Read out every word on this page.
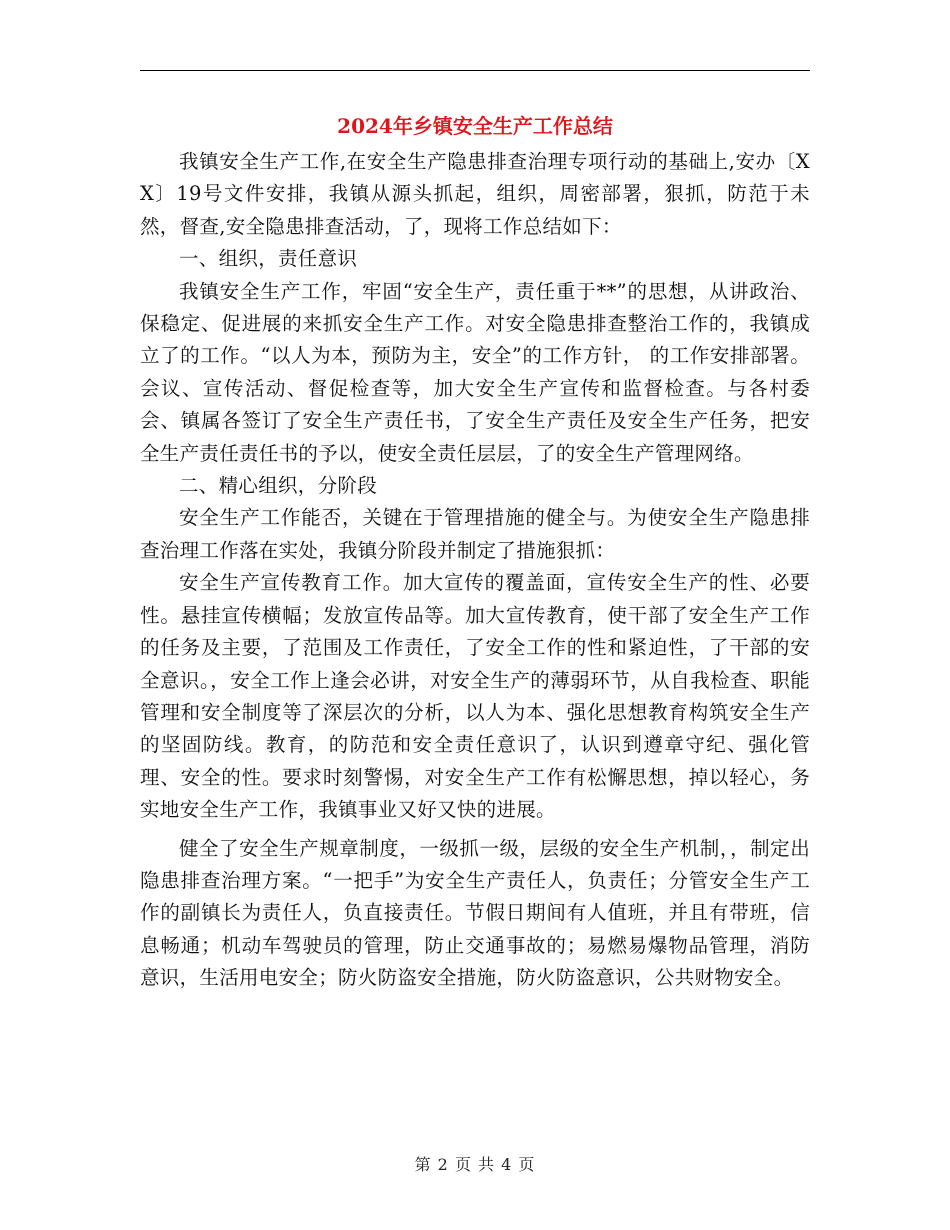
2024年乡镇安全生产工作总结

我镇安全生产工作,在安全生产隐患排查治理专项行动的基础上,安办〔XX〕19号文件安排，我镇从源头抓起，组织，周密部署，狠抓，防范于未然，督查,安全隐患排查活动，了，现将工作总结如下：

一、组织，责任意识

我镇安全生产工作，牢固“安全生产，责任重于**”的思想，从讲政治、保稳定、促进展的来抓安全生产工作。对安全隐患排查整治工作的，我镇成立了的工作。“以人为本，预防为主，安全”的工作方针， 的工作安排部署。会议、宣传活动、督促检查等，加大安全生产宣传和监督检查。与各村委会、镇属各签订了安全生产责任书，了安全生产责任及安全生产任务，把安全生产责任责任书的予以，使安全责任层层，了的安全生产管理网络。

二、精心组织，分阶段

安全生产工作能否，关键在于管理措施的健全与。为使安全生产隐患排查治理工作落在实处，我镇分阶段并制定了措施狠抓：

安全生产宣传教育工作。加大宣传的覆盖面，宣传安全生产的性、必要性。悬挂宣传横幅；发放宣传品等。加大宣传教育，使干部了安全生产工作的任务及主要，了范围及工作责任，了安全工作的性和紧迫性，了干部的安全意识。，安全工作上逢会必讲，对安全生产的薄弱环节，从自我检查、职能管理和安全制度等了深层次的分析，以人为本、强化思想教育构筑安全生产的坚固防线。教育，的防范和安全责任意识了，认识到遵章守纪、强化管理、安全的性。要求时刻警惕，对安全生产工作有松懈思想，掉以轻心，务实地安全生产工作，我镇事业又好又快的进展。

健全了安全生产规章制度，一级抓一级，层级的安全生产机制，，制定出隐患排查治理方案。“一把手”为安全生产责任人，负责任；分管安全生产工作的副镇长为责任人，负直接责任。节假日期间有人值班，并且有带班，信息畅通；机动车驾驶员的管理，防止交通事故的；易燃易爆物品管理，消防意识，生活用电安全；防火防盗安全措施，防火防盗意识，公共财物安全。

第 2 页 共 4 页
